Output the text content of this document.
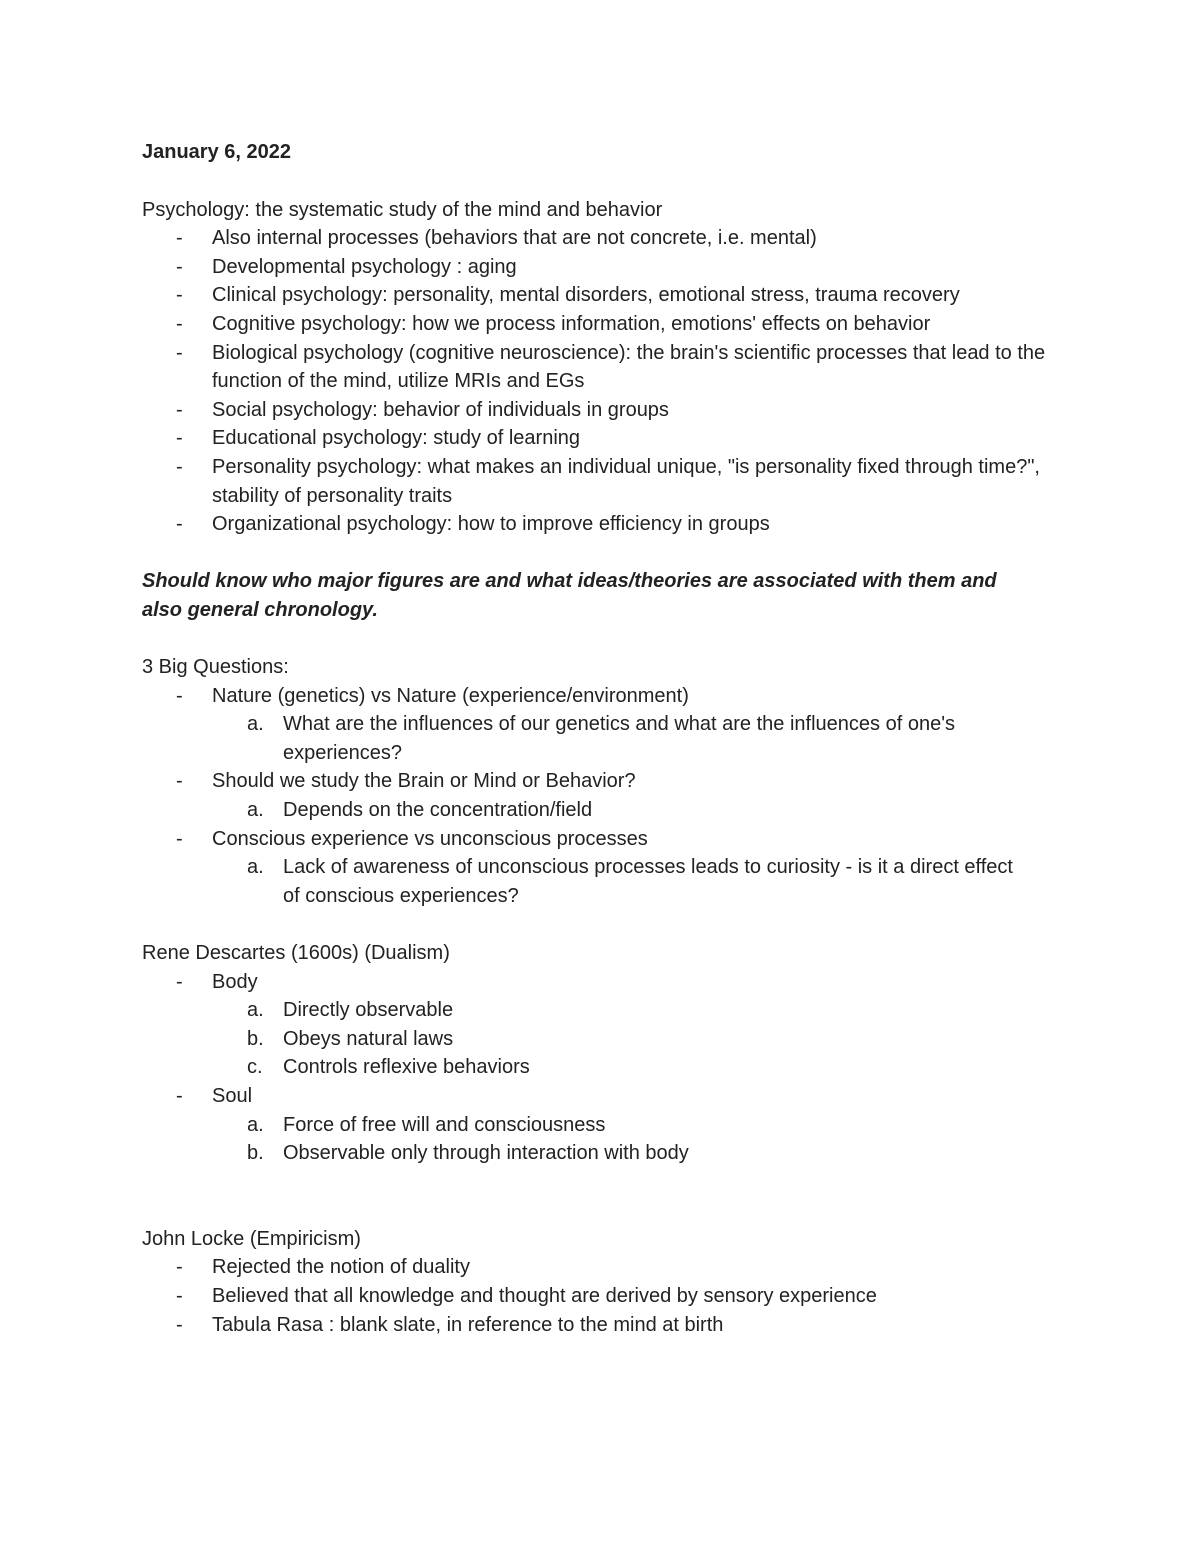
January 6, 2022
Psychology: the systematic study of the mind and behavior
- Also internal processes (behaviors that are not concrete, i.e. mental)
- Developmental psychology : aging
- Clinical psychology: personality, mental disorders, emotional stress, trauma recovery
- Cognitive psychology: how we process information, emotions' effects on behavior
- Biological psychology (cognitive neuroscience): the brain's scientific processes that lead to the function of the mind, utilize MRIs and EGs
- Social psychology: behavior of individuals in groups
- Educational psychology: study of learning
- Personality psychology: what makes an individual unique, "is personality fixed through time?", stability of personality traits
- Organizational psychology: how to improve efficiency in groups
Should know who major figures are and what ideas/theories are associated with them and also general chronology.
3 Big Questions:
- Nature (genetics) vs Nature (experience/environment)
a. What are the influences of our genetics and what are the influences of one's experiences?
- Should we study the Brain or Mind or Behavior?
a. Depends on the concentration/field
- Conscious experience vs unconscious processes
a. Lack of awareness of unconscious processes leads to curiosity - is it a direct effect of conscious experiences?
Rene Descartes (1600s) (Dualism)
- Body
a. Directly observable
b. Obeys natural laws
c. Controls reflexive behaviors
- Soul
a. Force of free will and consciousness
b. Observable only through interaction with body
John Locke (Empiricism)
- Rejected the notion of duality
- Believed that all knowledge and thought are derived by sensory experience
- Tabula Rasa : blank slate, in reference to the mind at birth
